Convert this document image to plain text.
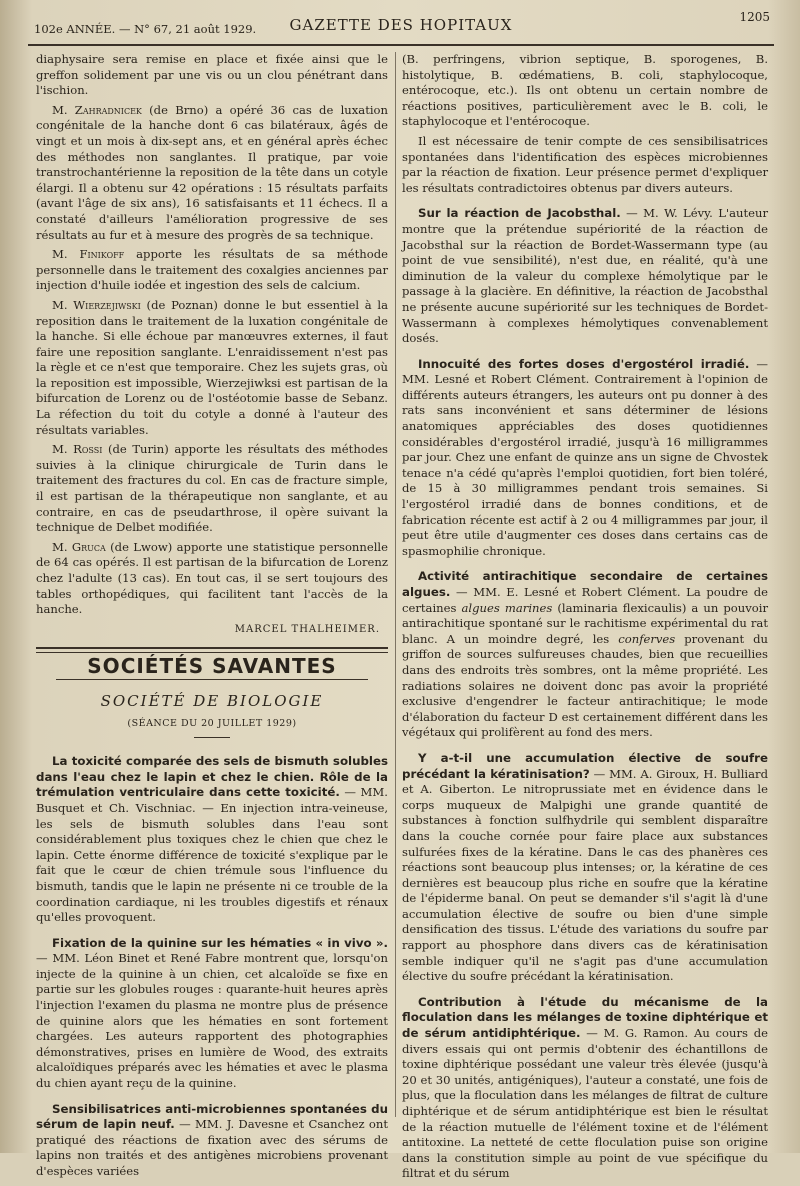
102e ANNÉE. — N° 67, 21 août 1929.	GAZETTE DES HOPITAUX	1205

diaphysaire sera remise en place et fixée ainsi que le greffon solidement par une vis ou un clou pénétrant dans l'ischion.

M. Zahradnicek (de Brno) a opéré 36 cas de luxation congénitale de la hanche dont 6 cas bilatéraux, âgés de vingt et un mois à dix-sept ans, et en général après échec des méthodes non sanglantes. Il pratique, par voie transtrochantérienne la reposition de la tête dans un cotyle élargi. Il a obtenu sur 42 opérations : 15 résultats parfaits (avant l'âge de six ans), 16 satisfaisants et 11 échecs. Il a constaté d'ailleurs l'amélioration progressive de ses résultats au fur et à mesure des progrès de sa technique.

M. Finikoff apporte les résultats de sa méthode personnelle dans le traitement des coxalgies anciennes par injection d'huile iodée et ingestion des sels de calcium.

M. Wierzejiwski (de Poznan) donne le but essentiel à la reposition dans le traitement de la luxation congénitale de la hanche. Si elle échoue par manœuvres externes, il faut faire une reposition sanglante. L'enraidissement n'est pas la règle et ce n'est que temporaire. Chez les sujets gras, où la reposition est impossible, Wierzejiwksi est partisan de la bifurcation de Lorenz ou de l'ostéotomie basse de Sebanz. La réfection du toit du cotyle a donné à l'auteur des résultats variables.

M. Rossi (de Turin) apporte les résultats des méthodes suivies à la clinique chirurgicale de Turin dans le traitement des fractures du col. En cas de fracture simple, il est partisan de la thérapeutique non sanglante, et au contraire, en cas de pseudarthrose, il opère suivant la technique de Delbet modifiée.

M. Gruca (de Lwow) apporte une statistique personnelle de 64 cas opérés. Il est partisan de la bifurcation de Lorenz chez l'adulte (13 cas). En tout cas, il se sert toujours des tables orthopédiques, qui facilitent tant l'accès de la hanche.

MARCEL THALHEIMER.
SOCIÉTÉS SAVANTES
SOCIÉTÉ DE BIOLOGIE
(SÉANCE DU 20 JUILLET 1929)

La toxicité comparée des sels de bismuth solubles dans l'eau chez le lapin et chez le chien. Rôle de la trémulation ventriculaire dans cette toxicité. — MM. Busquet et Ch. Vischniac. — En injection intra-veineuse, les sels de bismuth solubles dans l'eau sont considérablement plus toxiques chez le chien que chez le lapin. Cette énorme différence de toxicité s'explique par le fait que le cœur de chien trémule sous l'influence du bismuth, tandis que le lapin ne présente ni ce trouble de la coordination cardiaque, ni les troubles digestifs et rénaux qu'elles provoquent.

Fixation de la quinine sur les hématies « in vivo ». — MM. Léon Binet et René Fabre montrent que, lorsqu'on injecte de la quinine à un chien, cet alcaloïde se fixe en partie sur les globules rouges : quarante-huit heures après l'injection l'examen du plasma ne montre plus de présence de quinine alors que les hématies en sont fortement chargées. Les auteurs rapportent des photographies démonstratives, prises en lumière de Wood, des extraits alcaloïdiques préparés avec les hématies et avec le plasma du chien ayant reçu de la quinine.

Sensibilisatrices anti-microbiennes spontanées du sérum de lapin neuf. — MM. J. Davesne et Csanchez ont pratiqué des réactions de fixation avec des sérums de lapins non traités et des antigènes microbiens provenant d'espèces variées

(B. perfringens, vibrion septique, B. sporogenes, B. histolytique, B. œdématiens, B. coli, staphylocoque, entérocoque, etc.). Ils ont obtenu un certain nombre de réactions positives, particulièrement avec le B. coli, le staphylocoque et l'entérocoque.

Il est nécessaire de tenir compte de ces sensibilisatrices spontanées dans l'identification des espèces microbiennes par la réaction de fixation. Leur présence permet d'expliquer les résultats contradictoires obtenus par divers auteurs.

Sur la réaction de Jacobsthal. — M. W. Lévy. L'auteur montre que la prétendue supériorité de la réaction de Jacobsthal sur la réaction de Bordet-Wassermann type (au point de vue sensibilité), n'est due, en réalité, qu'à une diminution de la valeur du complexe hémolytique par le passage à la glacière. En définitive, la réaction de Jacobsthal ne présente aucune supériorité sur les techniques de Bordet-Wassermann à complexes hémolytiques convenablement dosés.

Innocuité des fortes doses d'ergostérol irradié. — MM. Lesné et Robert Clément. Contrairement à l'opinion de différents auteurs étrangers, les auteurs ont pu donner à des rats sans inconvénient et sans déterminer de lésions anatomiques appréciables des doses quotidiennes considérables d'ergostérol irradié, jusqu'à 16 milligrammes par jour. Chez une enfant de quinze ans un signe de Chvostek tenace n'a cédé qu'après l'emploi quotidien, fort bien toléré, de 15 à 30 milligrammes pendant trois semaines. Si l'ergostérol irradié dans de bonnes conditions, et de fabrication récente est actif à 2 ou 4 milligrammes par jour, il peut être utile d'augmenter ces doses dans certains cas de spasmophilie chronique.

Activité antirachitique secondaire de certaines algues. — MM. E. Lesné et Robert Clément. La poudre de certaines algues marines (laminaria flexicaulis) a un pouvoir antirachitique spontané sur le rachitisme expérimental du rat blanc. A un moindre degré, les conferves provenant du griffon de sources sulfureuses chaudes, bien que recueillies dans des endroits très sombres, ont la même propriété. Les radiations solaires ne doivent donc pas avoir la propriété exclusive d'engendrer le facteur antirachitique; le mode d'élaboration du facteur D est certainement différent dans les végétaux qui prolifèrent au fond des mers.

Y a-t-il une accumulation élective de soufre précédant la kératinisation? — MM. A. Giroux, H. Bulliard et A. Giberton. Le nitroprussiate met en évidence dans le corps muqueux de Malpighi une grande quantité de substances à fonction sulfhydrile qui semblent disparaître dans la couche cornée pour faire place aux substances sulfurées fixes de la kératine. Dans le cas des phanères ces réactions sont beaucoup plus intenses; or, la kératine de ces dernières est beaucoup plus riche en soufre que la kératine de l'épiderme banal. On peut se demander s'il s'agit là d'une accumulation élective de soufre ou bien d'une simple densification des tissus. L'étude des variations du soufre par rapport au phosphore dans divers cas de kératinisation semble indiquer qu'il ne s'agit pas d'une accumulation élective du soufre précédant la kératinisation.

Contribution à l'étude du mécanisme de la floculation dans les mélanges de toxine diphtérique et de sérum antidiphtérique. — M. G. Ramon. Au cours de divers essais qui ont permis d'obtenir des échantillons de toxine diphtérique possédant une valeur très élevée (jusqu'à 20 et 30 unités, antigéniques), l'auteur a constaté, une fois de plus, que la floculation dans les mélanges de filtrat de culture diphtérique et de sérum antidiphtérique est bien le résultat de la réaction mutuelle de l'élément toxine et de l'élément antitoxine. La netteté de cette floculation puise son origine dans la constitution simple au point de vue spécifique du filtrat et du sérum
